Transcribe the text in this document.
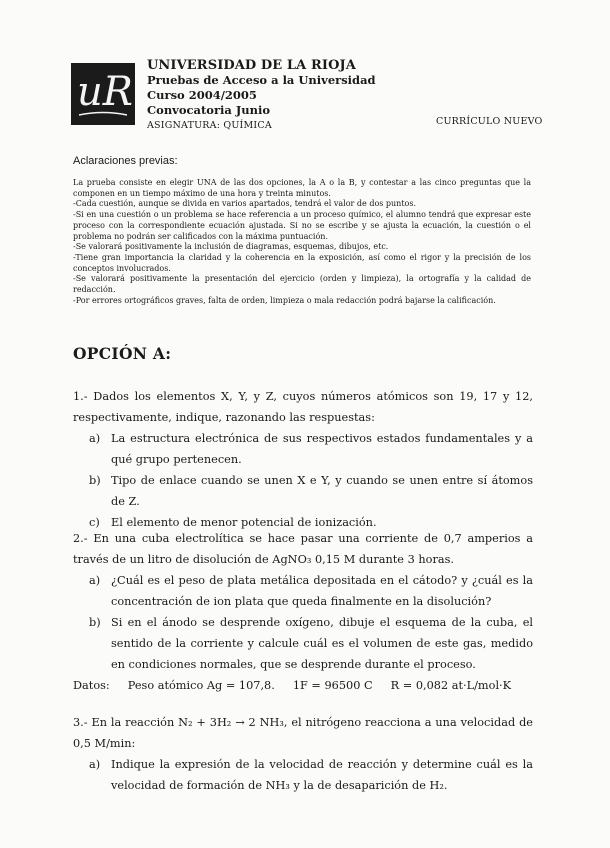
uR
UNIVERSIDAD DE LA RIOJA
Pruebas de Acceso a la Universidad
Curso 2004/2005
Convocatoria Junio
ASIGNATURA: QUÍMICA	CURRÍCULO NUEVO
Aclaraciones previas:

La prueba consiste en elegir UNA de las dos opciones, la A o la B, y contestar a las cinco preguntas que la componen en un tiempo máximo de una hora y treinta minutos.

-Cada cuestión, aunque se divida en varios apartados, tendrá el valor de dos puntos.

-Si en una cuestión o un problema se hace referencia a un proceso químico, el alumno tendrá que expresar este proceso con la correspondiente ecuación ajustada. Si no se escribe y se ajusta la ecuación, la cuestión o el problema no podrán ser calificados con la máxima puntuación.

-Se valorará positivamente la inclusión de diagramas, esquemas, dibujos, etc.

-Tiene gran importancia la claridad y la coherencia en la exposición, así como el rigor y la precisión de los conceptos involucrados.

-Se valorará positivamente la presentación del ejercicio (orden y limpieza), la ortografía y la calidad de redacción.

-Por errores ortográficos graves, falta de orden, limpieza o mala redacción podrá bajarse la calificación.

OPCIÓN A:

1.- Dados los elementos X, Y, y Z, cuyos números atómicos son 19, 17 y 12, respectivamente, indique, razonando las respuestas:

a) La estructura electrónica de sus respectivos estados fundamentales y a qué grupo pertenecen.
b) Tipo de enlace cuando se unen X e Y, y cuando se unen entre sí átomos de Z.
c) El elemento de menor potencial de ionización.

2.- En una cuba electrolítica se hace pasar una corriente de 0,7 amperios a través de un litro de disolución de AgNO₃ 0,15 M durante 3 horas.

a) ¿Cuál es el peso de plata metálica depositada en el cátodo? y ¿cuál es la concentración de ion plata que queda finalmente en la disolución?
b) Si en el ánodo se desprende oxígeno, dibuje el esquema de la cuba, el sentido de la corriente y calcule cuál es el volumen de este gas, medido en condiciones normales, que se desprende durante el proceso.

Datos: Peso atómico Ag = 107,8. 1F = 96500 C R = 0,082 at·L/mol·K

3.- En la reacción N₂ + 3H₂ → 2 NH₃, el nitrógeno reacciona a una velocidad de 0,5 M/min:

a) Indique la expresión de la velocidad de reacción y determine cuál es la velocidad de formación de NH₃ y la de desaparición de H₂.
